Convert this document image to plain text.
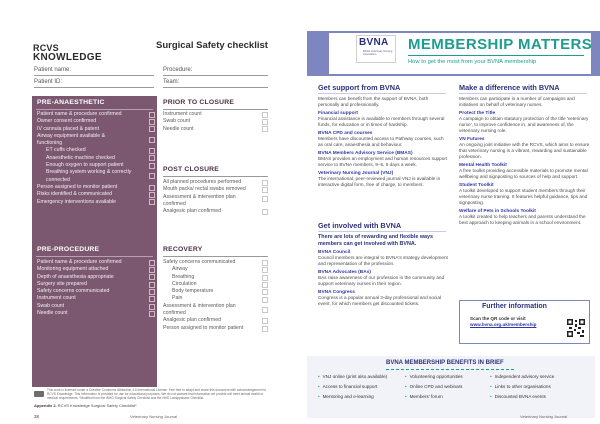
RCVS
KNOWLEDGE
Surgical Safety checklist
Patient name:
Patient ID:
Procedure:
Team:
PRE-ANAESTHETIC
Patient name & procedure confirmed
Owner consent confirmed
IV cannula placed & patent
Airway equipment available &
functioning
ET cuffs checked
Anaesthetic machine checked
Enough oxygen to support patient
Breathing system working & correctly
connected
Person assigned to monitor patient
Risks identified & communicated
Emergency interventions available
PRE-PROCEDURE
Patient name & procedure confirmed
Monitoring equipment attached
Depth of anaesthesia appropriate
Surgery site prepared
Safety concerns communicated
Instrument count
Swab count
Needle count
PRIOR TO CLOSURE
Instrument count
Swab count
Needle count
POST CLOSURE
All planned procedures performed
Mouth packs/ rectal swabs removed
Assessment & intervention plan
confirmed
Analgesic plan confirmed
RECOVERY
Safety concerns communicated
Airway
Breathing
Circulation
Body temperature
Pain
Assessment & intervention plan
confirmed
Analgesic plan confirmed
Person assigned to monitor patient
This work is licensed under a Creative Commons Attribution 4.0 International License. Feel free to adapt and share this document with acknowledgement to RCVS Knowledge. This information is provided for use for educational purposes. We do not warrant that information we provide will meet animal health or medical requirements. *Modified from the WHO Surgical Safety Checklist and the NHS Locsippsbase Checklist.
Appendix 2. RCVS Knowledge Surgical Safety Checklist*
38	Veterinary Nursing Journal
BVNA
British Veterinary Nursing Association
MEMBERSHIP MATTERS
How to get the most from your BVNA membership
Get support from BVNA
Members can benefit from the support of BVNA, both personally and professionally.
Financial support
Financial assistance is available to members through several funds, for education or in times of hardship.
BVNA CPD and courses
Members have discounted access to Pathway courses, such as oral care, anaesthesia and behaviour.
BVNA Members Advisory Service (BMAS)
BMAS provides an employment and human resources support service to BVNA members, 9–5, 5 days a week.
Veterinary Nursing Journal (VNJ)
The international, peer-reviewed journal VNJ is available in interactive digital form, free of charge, to members.
Get involved with BVNA
There are lots of rewarding and flexible ways members can get involved with BVNA.
BVNA Council
Council members are integral to BVNA's strategy development and representation of the profession.
BVNA Advocates (BAs)
BAs raise awareness of our profession in the community and support veterinary nurses in their region.
BVNA Congress
Congress is a popular annual 3-day professional and social event, for which members get discounted tickets.
Make a difference with BVNA
Members can participate in a number of campaigns and initiatives on behalf of veterinary nurses.
Protect the Title
A campaign to obtain statutory protection of the title 'veterinary nurse', to improve confidence in, and awareness of, the veterinary nursing role.
VN Futures
An ongoing joint initiative with the RCVS, which aims to ensure that veterinary nursing is a vibrant, rewarding and sustainable profession.
Mental Health Toolkit
A free toolkit providing accessible materials to promote mental wellbeing and signposting to sources of help and support.
Student Toolkit
A toolkit developed to support student members through their veterinary nurse training. It features helpful guidance, tips and signposting.
Welfare of Pets in Schools Toolkit
A toolkit created to help teachers and parents understand the best approach to keeping animals in a school environment.
Further information
Scan the QR code or visit
www.bvna.org.uk/membership
BVNA MEMBERSHIP BENEFITS IN BRIEF
• VNJ online (print also available)	• Volunteering opportunities	• Independent advisory service
• Access to financial support	• Online CPD and webinars	• Links to other organisations
• Mentoring and e-learning	• Members' forum	• Discounted BVNA events
Veterinary Nursing Journal
